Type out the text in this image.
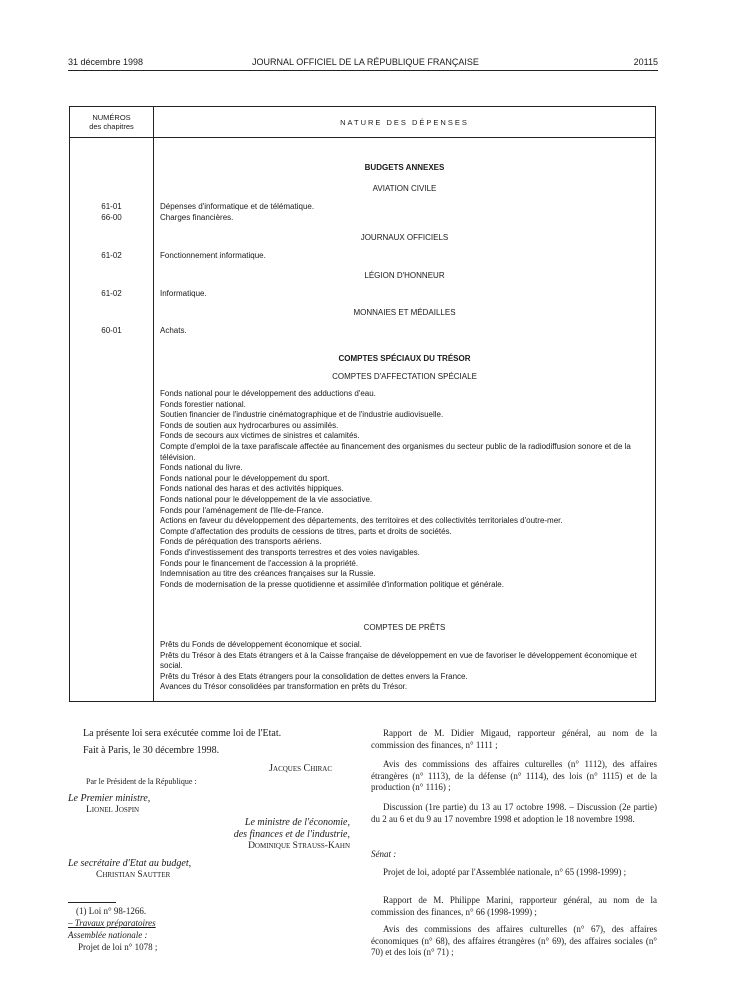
31 décembre 1998	JOURNAL OFFICIEL DE LA RÉPUBLIQUE FRANÇAISE	20115
NUMÉROS
des chapitres	NATURE DES DÉPENSES
BUDGETS ANNEXES
AVIATION CIVILE
61-01	Dépenses d'informatique et de télématique.
66-00	Charges financières.
JOURNAUX OFFICIELS
61-02	Fonctionnement informatique.
LÉGION D'HONNEUR
61-02	Informatique.
MONNAIES ET MÉDAILLES
60-01	Achats.
COMPTES SPÉCIAUX DU TRÉSOR
COMPTES D'AFFECTATION SPÉCIALE
Fonds national pour le développement des adductions d'eau.
Fonds forestier national.
Soutien financier de l'industrie cinématographique et de l'industrie audiovisuelle.
Fonds de soutien aux hydrocarbures ou assimilés.
Fonds de secours aux victimes de sinistres et calamités.
Compte d'emploi de la taxe parafiscale affectée au financement des organismes du secteur public de la radiodiffusion sonore et de la télévision.
Fonds national du livre.
Fonds national pour le développement du sport.
Fonds national des haras et des activités hippiques.
Fonds national pour le développement de la vie associative.
Fonds pour l'aménagement de l'Ile-de-France.
Actions en faveur du développement des départements, des territoires et des collectivités territoriales d'outre-mer.
Compte d'affectation des produits de cessions de titres, parts et droits de sociétés.
Fonds de péréquation des transports aériens.
Fonds d'investissement des transports terrestres et des voies navigables.
Fonds pour le financement de l'accession à la propriété.
Indemnisation au titre des créances françaises sur la Russie.
Fonds de modernisation de la presse quotidienne et assimilée d'information politique et générale.
COMPTES DE PRÊTS
Prêts du Fonds de développement économique et social.
Prêts du Trésor à des Etats étrangers et à la Caisse française de développement en vue de favoriser le développement économique et social.
Prêts du Trésor à des Etats étrangers pour la consolidation de dettes envers la France.
Avances du Trésor consolidées par transformation en prêts du Trésor.
La présente loi sera exécutée comme loi de l'Etat.
Fait à Paris, le 30 décembre 1998.
Jacques Chirac
Par le Président de la République :
Le Premier ministre,
Lionel Jospin
Le ministre de l'économie,
des finances et de l'industrie,
Dominique Strauss-Kahn
Le secrétaire d'Etat au budget,
Christian Sautter
(1) Loi n° 98-1266.
– Travaux préparatoires
Assemblée nationale :
Projet de loi n° 1078 ;
Rapport de M. Didier Migaud, rapporteur général, au nom de la commission des finances, n° 1111 ;
Avis des commissions des affaires culturelles (n° 1112), des affaires étrangères (n° 1113), de la défense (n° 1114), des lois (n° 1115) et de la production (n° 1116) ;
Discussion (1re partie) du 13 au 17 octobre 1998. – Discussion (2e partie) du 2 au 6 et du 9 au 17 novembre 1998 et adoption le 18 novembre 1998.
Sénat :
Projet de loi, adopté par l'Assemblée nationale, n° 65 (1998-1999) ;
Rapport de M. Philippe Marini, rapporteur général, au nom de la commission des finances, n° 66 (1998-1999) ;
Avis des commissions des affaires culturelles (n° 67), des affaires économiques (n° 68), des affaires étrangères (n° 69), des affaires sociales (n° 70) et des lois (n° 71) ;
